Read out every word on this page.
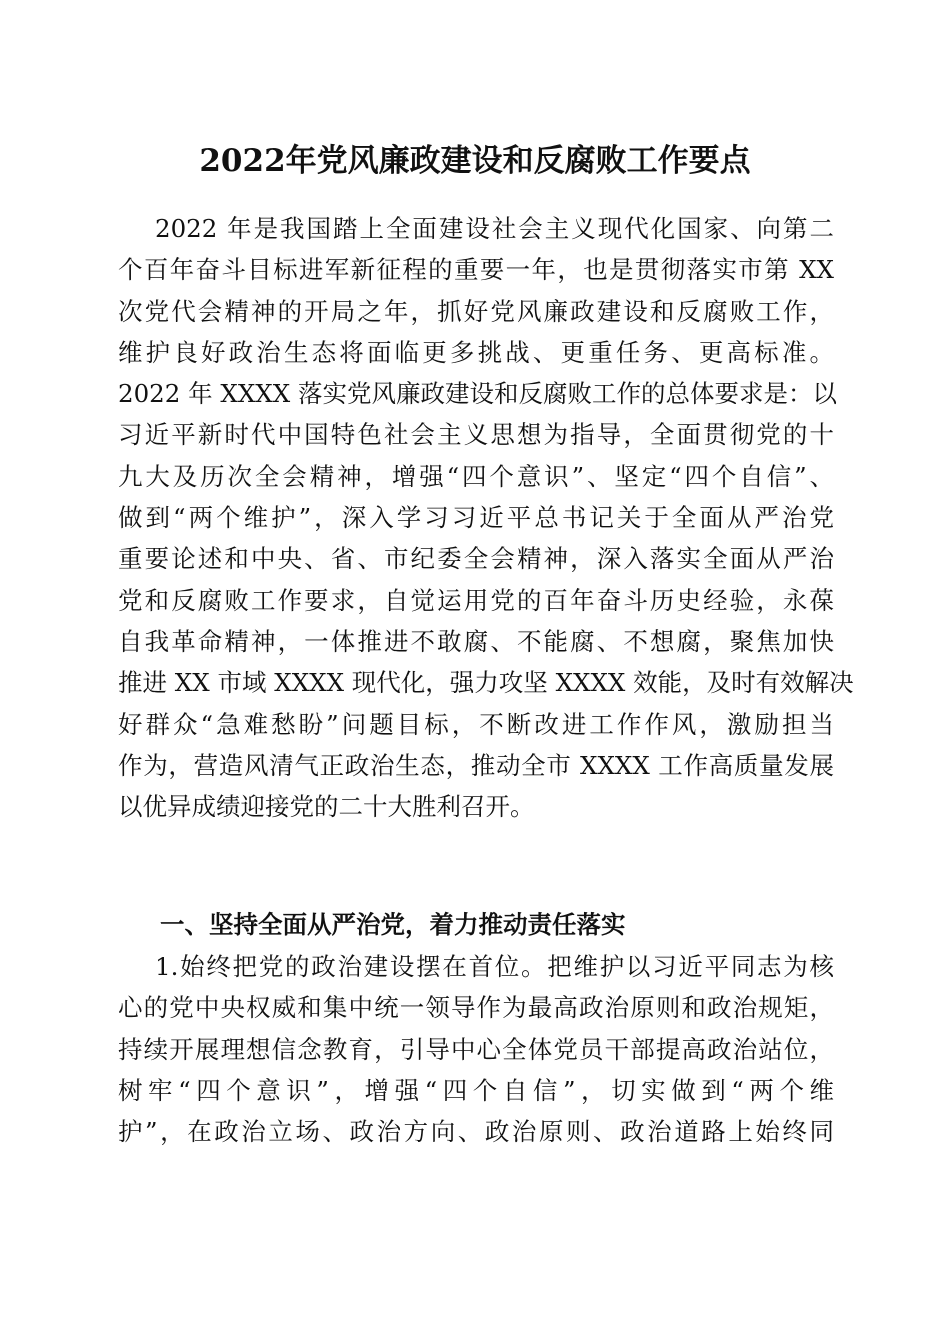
2022年党风廉政建设和反腐败工作要点
2022 年是我国踏上全面建设社会主义现代化国家、向第二
个百年奋斗目标进军新征程的重要一年，也是贯彻落实市第 XX
次党代会精神的开局之年，抓好党风廉政建设和反腐败工作，
维护良好政治生态将面临更多挑战、更重任务、更高标准。
2022 年 XXXX 落实党风廉政建设和反腐败工作的总体要求是：以
习近平新时代中国特色社会主义思想为指导，全面贯彻党的十
九大及历次全会精神，增强“四个意识”、坚定“四个自信”、
做到“两个维护”，深入学习习近平总书记关于全面从严治党
重要论述和中央、省、市纪委全会精神，深入落实全面从严治
党和反腐败工作要求，自觉运用党的百年奋斗历史经验，永葆
自我革命精神，一体推进不敢腐、不能腐、不想腐，聚焦加快
推进 XX 市域 XXXX 现代化，强力攻坚 XXXX 效能，及时有效解决
好群众“急难愁盼”问题目标，不断改进工作作风，激励担当
作为，营造风清气正政治生态，推动全市 XXXX 工作高质量发展
以优异成绩迎接党的二十大胜利召开。
一、坚持全面从严治党，着力推动责任落实
1.始终把党的政治建设摆在首位。把维护以习近平同志为核
心的党中央权威和集中统一领导作为最高政治原则和政治规矩，
持续开展理想信念教育，引导中心全体党员干部提高政治站位，
树牢“四个意识”，增强“四个自信”，切实做到“两个维
护”，在政治立场、政治方向、政治原则、政治道路上始终同
